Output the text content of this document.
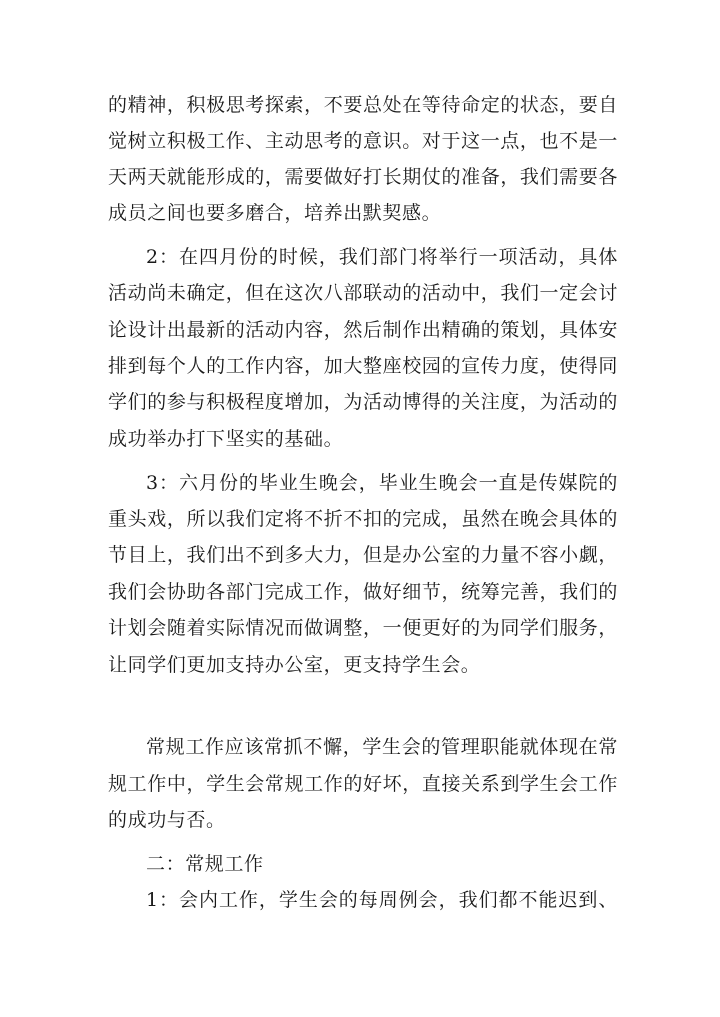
的精神，积极思考探索，不要总处在等待命定的状态，要自
觉树立积极工作、主动思考的意识。对于这一点，也不是一
天两天就能形成的，需要做好打长期仗的准备，我们需要各
成员之间也要多磨合，培养出默契感。
2：在四月份的时候，我们部门将举行一项活动，具体
活动尚未确定，但在这次八部联动的活动中，我们一定会讨
论设计出最新的活动内容，然后制作出精确的策划，具体安
排到每个人的工作内容，加大整座校园的宣传力度，使得同
学们的参与积极程度增加，为活动博得的关注度，为活动的
成功举办打下坚实的基础。
3：六月份的毕业生晚会，毕业生晚会一直是传媒院的
重头戏，所以我们定将不折不扣的完成，虽然在晚会具体的
节目上，我们出不到多大力，但是办公室的力量不容小觑，
我们会协助各部门完成工作，做好细节，统筹完善，我们的
计划会随着实际情况而做调整，一便更好的为同学们服务，
让同学们更加支持办公室，更支持学生会。
常规工作应该常抓不懈，学生会的管理职能就体现在常
规工作中，学生会常规工作的好坏，直接关系到学生会工作
的成功与否。
二：常规工作
1：会内工作，学生会的每周例会，我们都不能迟到、
